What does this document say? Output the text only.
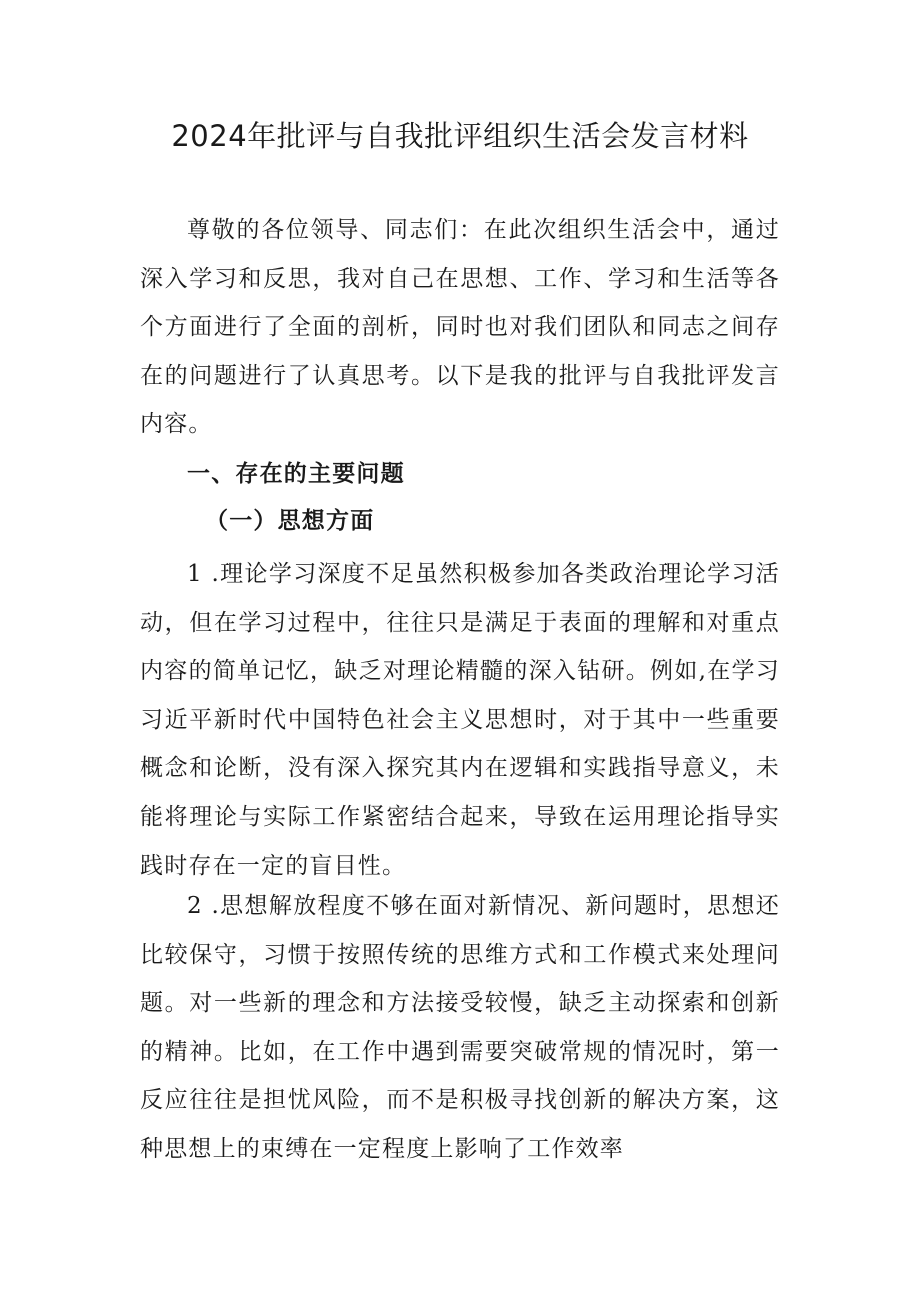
2024年批评与自我批评组织生活会发言材料
尊敬的各位领导、同志们：在此次组织生活会中，通过深入学习和反思，我对自己在思想、工作、学习和生活等各个方面进行了全面的剖析，同时也对我们团队和同志之间存在的问题进行了认真思考。以下是我的批评与自我批评发言内容。
一、存在的主要问题
（一）思想方面
1 .理论学习深度不足虽然积极参加各类政治理论学习活动，但在学习过程中，往往只是满足于表面的理解和对重点内容的简单记忆，缺乏对理论精髓的深入钻研。例如,在学习习近平新时代中国特色社会主义思想时，对于其中一些重要概念和论断，没有深入探究其内在逻辑和实践指导意义，未能将理论与实际工作紧密结合起来，导致在运用理论指导实践时存在一定的盲目性。
2 .思想解放程度不够在面对新情况、新问题时，思想还比较保守，习惯于按照传统的思维方式和工作模式来处理问题。对一些新的理念和方法接受较慢，缺乏主动探索和创新的精神。比如，在工作中遇到需要突破常规的情况时，第一反应往往是担忧风险，而不是积极寻找创新的解决方案，这种思想上的束缚在一定程度上影响了工作效率
